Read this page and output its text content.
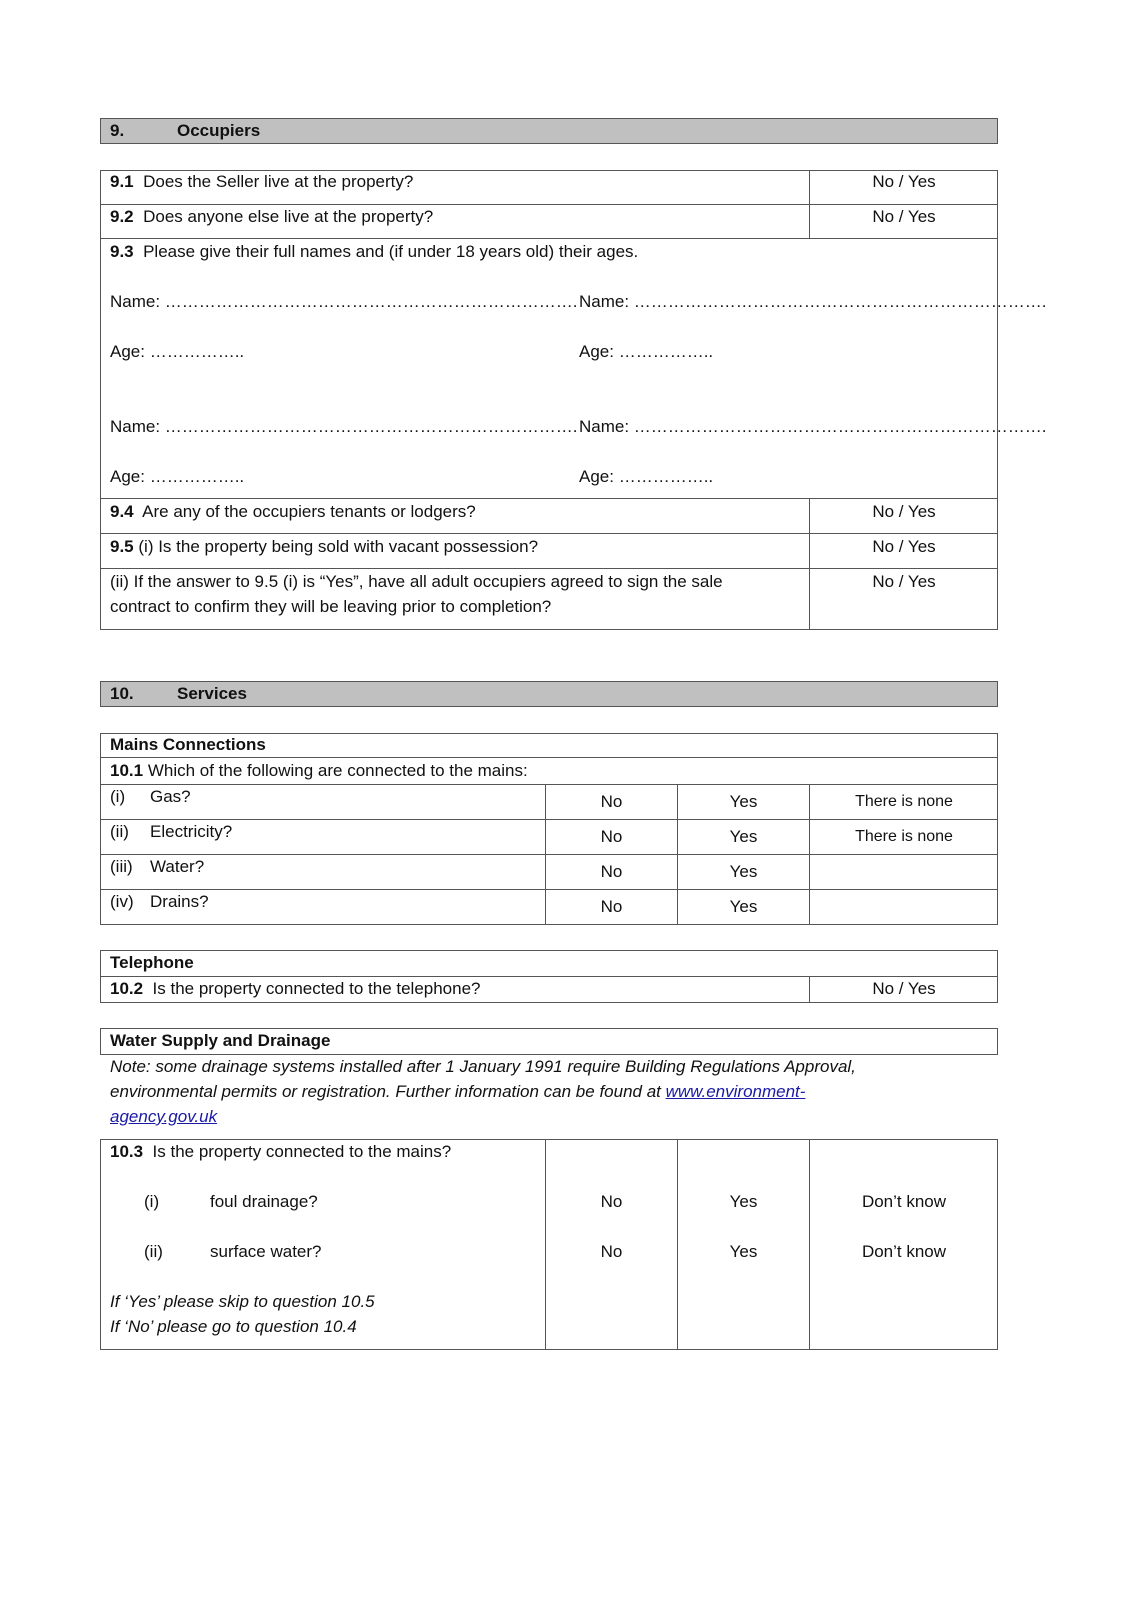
9.	Occupiers
9.1 Does the Seller live at the property?	No / Yes
9.2 Does anyone else live at the property?	No / Yes
9.3 Please give their full names and (if under 18 years old) their ages.
Name: ………………………………………………………………. Name: ……………………………………………………………….
Age: ……………..	Age: ……………..
Name: ………………………………………………………………. Name: ……………………………………………………………….
Age: ……………..	Age: ……………..
9.4 Are any of the occupiers tenants or lodgers?	No / Yes
9.5 (i) Is the property being sold with vacant possession?	No / Yes
(ii) If the answer to 9.5 (i) is “Yes”, have all adult occupiers agreed to sign the sale
contract to confirm they will be leaving prior to completion?
No / Yes
10.	Services
Mains Connections
10.1 Which of the following are connected to the mains:
(i) Gas?	No	Yes	There is none
(ii) Electricity?	No	Yes	There is none
(iii) Water?	No	Yes
(iv) Drains?	No	Yes
Telephone
10.2 Is the property connected to the telephone?	No / Yes
Water Supply and Drainage
Note: some drainage systems installed after 1 January 1991 require Building Regulations Approval,
environmental permits or registration. Further information can be found at www.environment-
agency.gov.uk
10.3 Is the property connected to the mains?
(i)	foul drainage?	No	Yes	Don’t know
(ii)	surface water?	No	Yes	Don’t know
If ‘Yes’ please skip to question 10.5
If ‘No’ please go to question 10.4
